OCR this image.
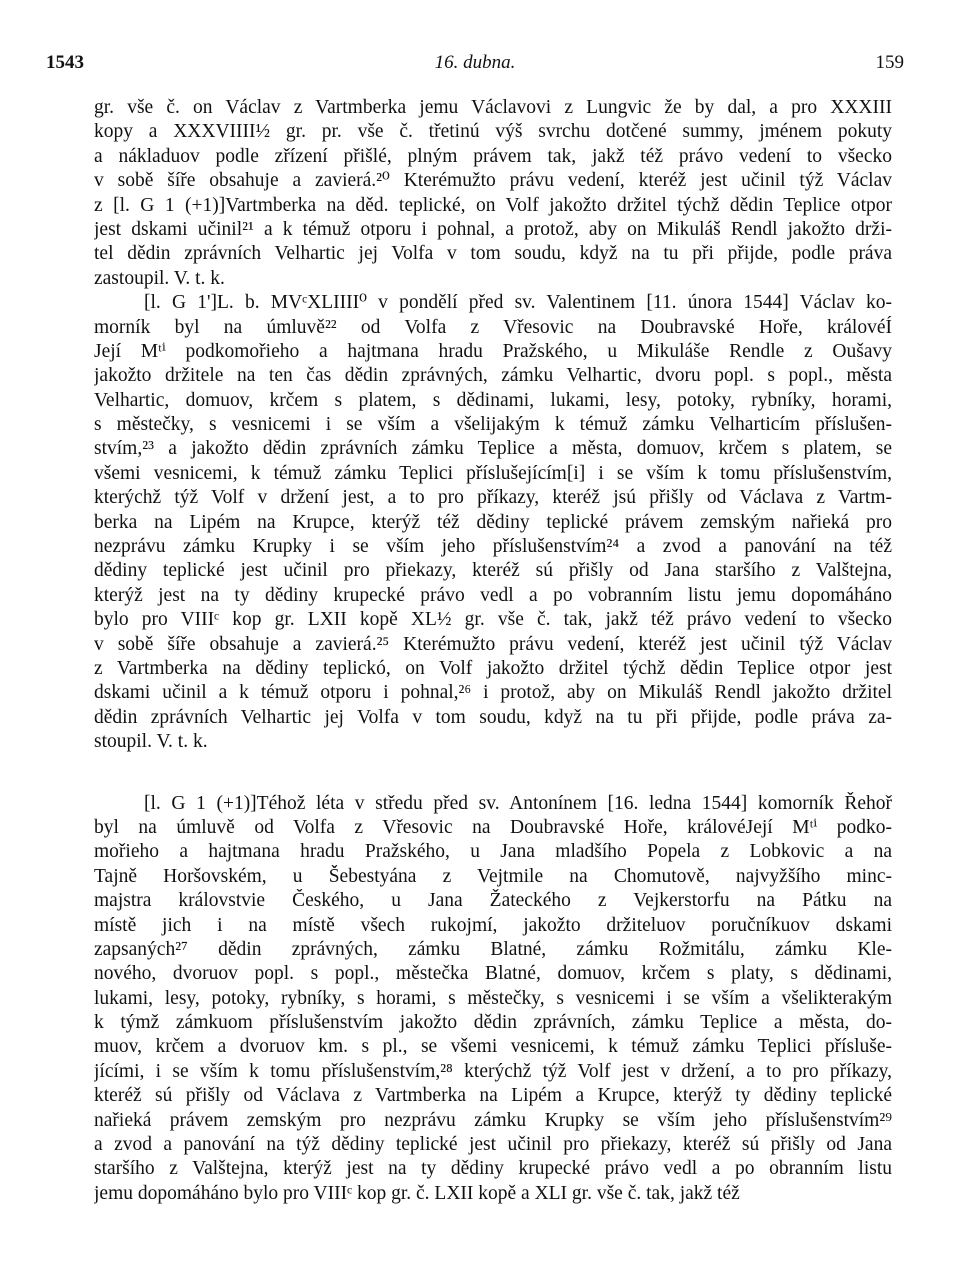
1543	16. dubna.	159
gr. vše č. on Václav z Vartmberka jemu Václavovi z Lungvic že by dal, a pro XXXIII
kopy a XXXVIIII½ gr. pr. vše č. třetinú výš svrchu dotčené summy, jménem pokuty
a nákladuov podle zřízení přišlé, plným právem tak, jakž též právo vedení to všecko
v sobě šíře obsahuje a zavierá.²⁰ Kterémužto právu vedení, kteréž jest učinil týž Václav
z [l. G 1 (+1)]Vartmberka na děd. teplické, on Volf jakožto držitel týchž dědin Teplice otpor
jest dskami učinil²¹ a k témuž otporu i pohnal, a protož, aby on Mikuláš Rendl jakožto drži-
tel dědin zprávních Velhartic jej Volfa v tom soudu, když na tu při přijde, podle práva
zastoupil. V. t. k.
[l. G 1']L. b. MVᶜXLIIII⁰ v pondělí před sv. Valentinem [11. února 1544] Václav ko-
morník byl na úmluvě²² od Volfa z Vřesovic na Doubravské Hoře, královéÍ
Její Mᵗⁱ podkomořieho a hajtmana hradu Pražského, u Mikuláše Rendle z Oušavy
jakožto držitele na ten čas dědin zprávných, zámku Velhartic, dvoru popl. s popl., města
Velhartic, domuov, krčem s platem, s dědinami, lukami, lesy, potoky, rybníky, horami,
s městečky, s vesnicemi i se vším a všelijakým k témuž zámku Velharticím příslušen-
stvím,²³ a jakožto dědin zprávních zámku Teplice a města, domuov, krčem s platem, se
všemi vesnicemi, k témuž zámku Teplici příslušejícím[i] i se vším k tomu příslušenstvím,
kterýchž týž Volf v držení jest, a to pro příkazy, kteréž jsú přišly od Václava z Vartm-
berka na Lipém na Krupce, kterýž též dědiny teplické právem zemským nařieká pro
nezprávu zámku Krupky i se vším jeho příslušenstvím²⁴ a zvod a panování na též
dědiny teplické jest učinil pro přiekazy, kteréž sú přišly od Jana staršího z Valštejna,
kterýž jest na ty dědiny krupecké právo vedl a po vobranním listu jemu dopomáháno
bylo pro VIIIᶜ kop gr. LXII kopě XL½ gr. vše č. tak, jakž též právo vedení to všecko
v sobě šíře obsahuje a zavierá.²⁵ Kterémužto právu vedení, kteréž jest učinil týž Václav
z Vartmberka na dědiny teplickó, on Volf jakožto držitel týchž dědin Teplice otpor jest
dskami učinil a k témuž otporu i pohnal,²⁶ i protož, aby on Mikuláš Rendl jakožto držitel
dědin zprávních Velhartic jej Volfa v tom soudu, když na tu při přijde, podle práva za-
stoupil. V. t. k.
[l. G 1 (+1)]Téhož léta v středu před sv. Antonínem [16. ledna 1544] komorník Řehoř
byl na úmluvě od Volfa z Vřesovic na Doubravské Hoře, královéJejí Mᵗⁱ podko-
mořieho a hajtmana hradu Pražského, u Jana mladšího Popela z Lobkovic a na
Tajně Horšovském, u Šebestyána z Vejtmile na Chomutově, najvyžšího minc-
majstra královstvie Českého, u Jana Žateckého z Vejkerstorfu na Pátku na
místě jich i na místě všech rukojmí, jakožto držiteluov poručníkuov dskami
zapsaných²⁷ dědin zprávných, zámku Blatné, zámku Rožmitálu, zámku Kle-
nového, dvoruov popl. s popl., městečka Blatné, domuov, krčem s platy, s dědinami,
lukami, lesy, potoky, rybníky, s horami, s městečky, s vesnicemi i se vším a všelikterakým
k týmž zámkuom příslušenstvím jakožto dědin zprávních, zámku Teplice a města, do-
muov, krčem a dvoruov km. s pl., se všemi vesnicemi, k témuž zámku Teplici přísluše-
jícími, i se vším k tomu příslušenstvím,²⁸ kterýchž týž Volf jest v držení, a to pro příkazy,
kteréž sú přišly od Václava z Vartmberka na Lipém a Krupce, kterýž ty dědiny teplické
nařieká právem zemským pro nezprávu zámku Krupky se vším jeho příslušenstvím²⁹
a zvod a panování na týž dědiny teplické jest učinil pro přiekazy, kteréž sú přišly od Jana
staršího z Valštejna, kterýž jest na ty dědiny krupecké právo vedl a po obranním listu
jemu dopomáháno bylo pro VIIIᶜ kop gr. č. LXII kopě a XLI gr. vše č. tak, jakž též
